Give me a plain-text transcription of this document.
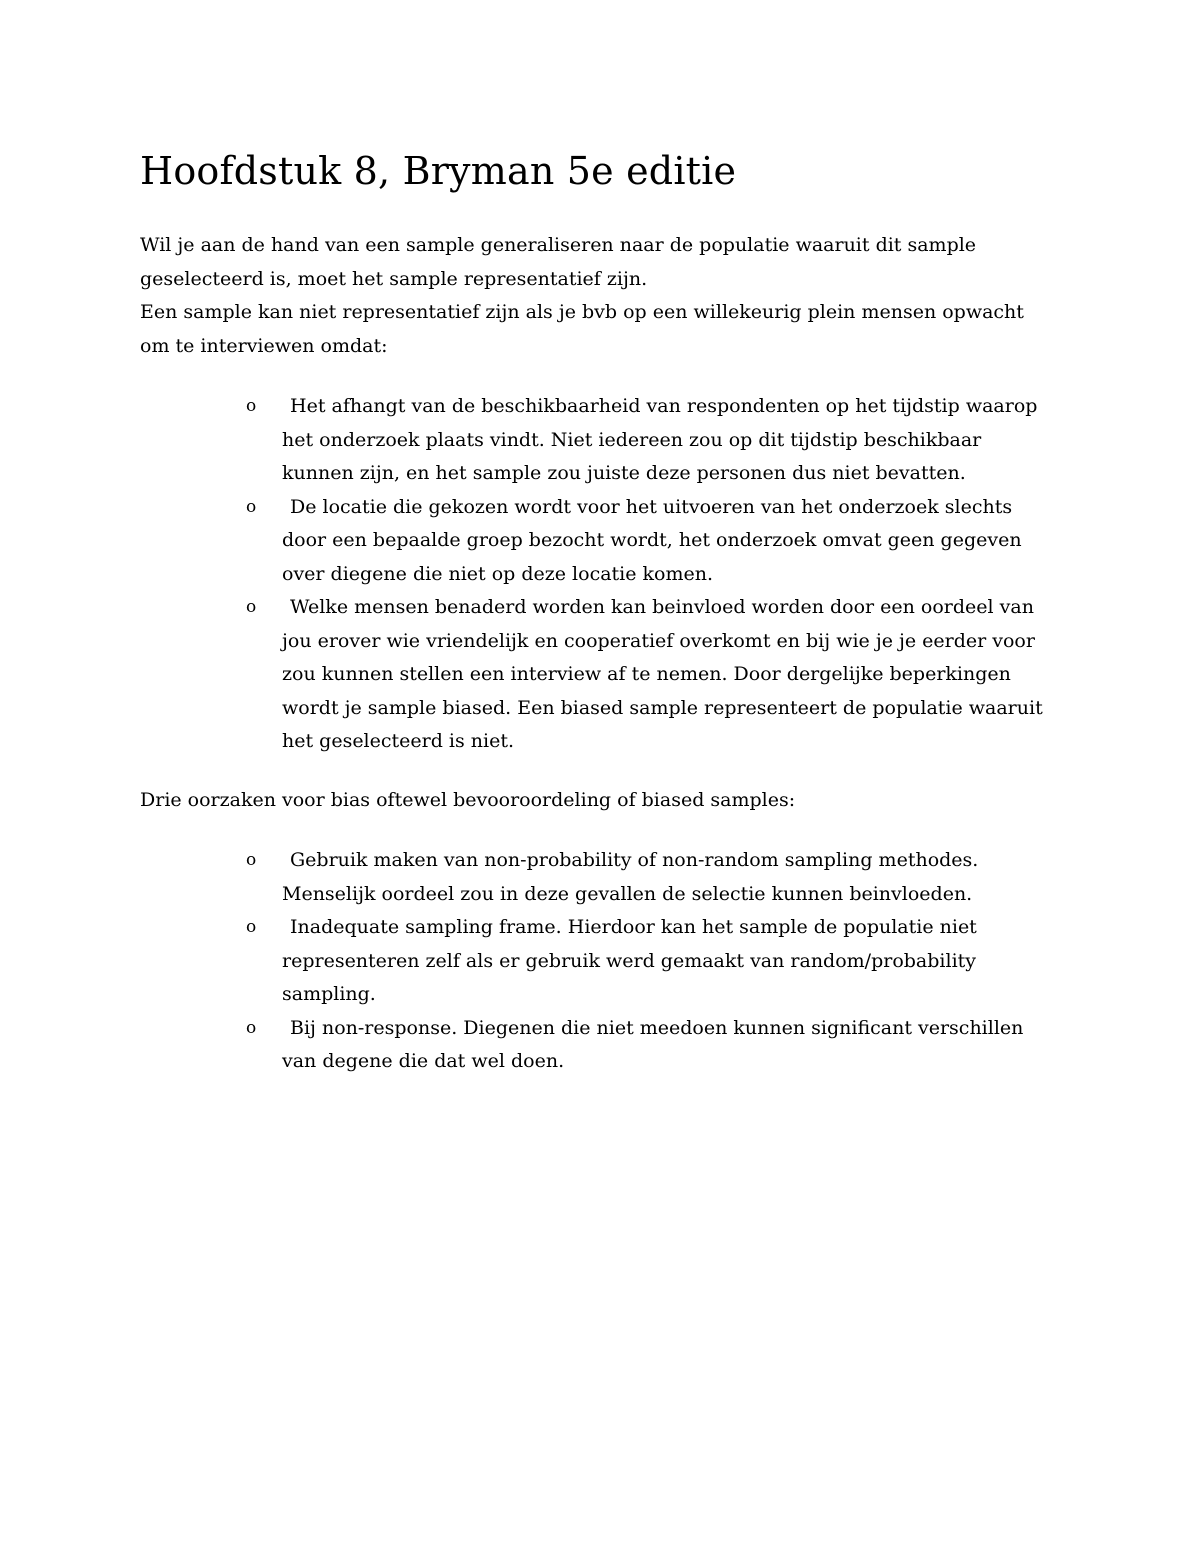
Hoofdstuk 8, Bryman 5e editie

Wil je aan de hand van een sample generaliseren naar de populatie waaruit dit sample
geselecteerd is, moet het sample representatief zijn.
Een sample kan niet representatief zijn als je bvb op een willekeurig plein mensen opwacht
om te interviewen omdat:

o	Het afhangt van de beschikbaarheid van respondenten op het tijdstip waarop
het onderzoek plaats vindt. Niet iedereen zou op dit tijdstip beschikbaar
kunnen zijn, en het sample zou juiste deze personen dus niet bevatten.
o	De locatie die gekozen wordt voor het uitvoeren van het onderzoek slechts
door een bepaalde groep bezocht wordt, het onderzoek omvat geen gegeven
over diegene die niet op deze locatie komen.
o	Welke mensen benaderd worden kan beinvloed worden door een oordeel van
jou erover wie vriendelijk en cooperatief overkomt en bij wie je je eerder voor
zou kunnen stellen een interview af te nemen. Door dergelijke beperkingen
wordt je sample biased. Een biased sample representeert de populatie waaruit
het geselecteerd is niet.

Drie oorzaken voor bias oftewel bevooroordeling of biased samples:

o	Gebruik maken van non-probability of non-random sampling methodes.
Menselijk oordeel zou in deze gevallen de selectie kunnen beinvloeden.
o	Inadequate sampling frame. Hierdoor kan het sample de populatie niet
representeren zelf als er gebruik werd gemaakt van random/probability
sampling.
o	Bij non-response. Diegenen die niet meedoen kunnen significant verschillen
van degene die dat wel doen.
